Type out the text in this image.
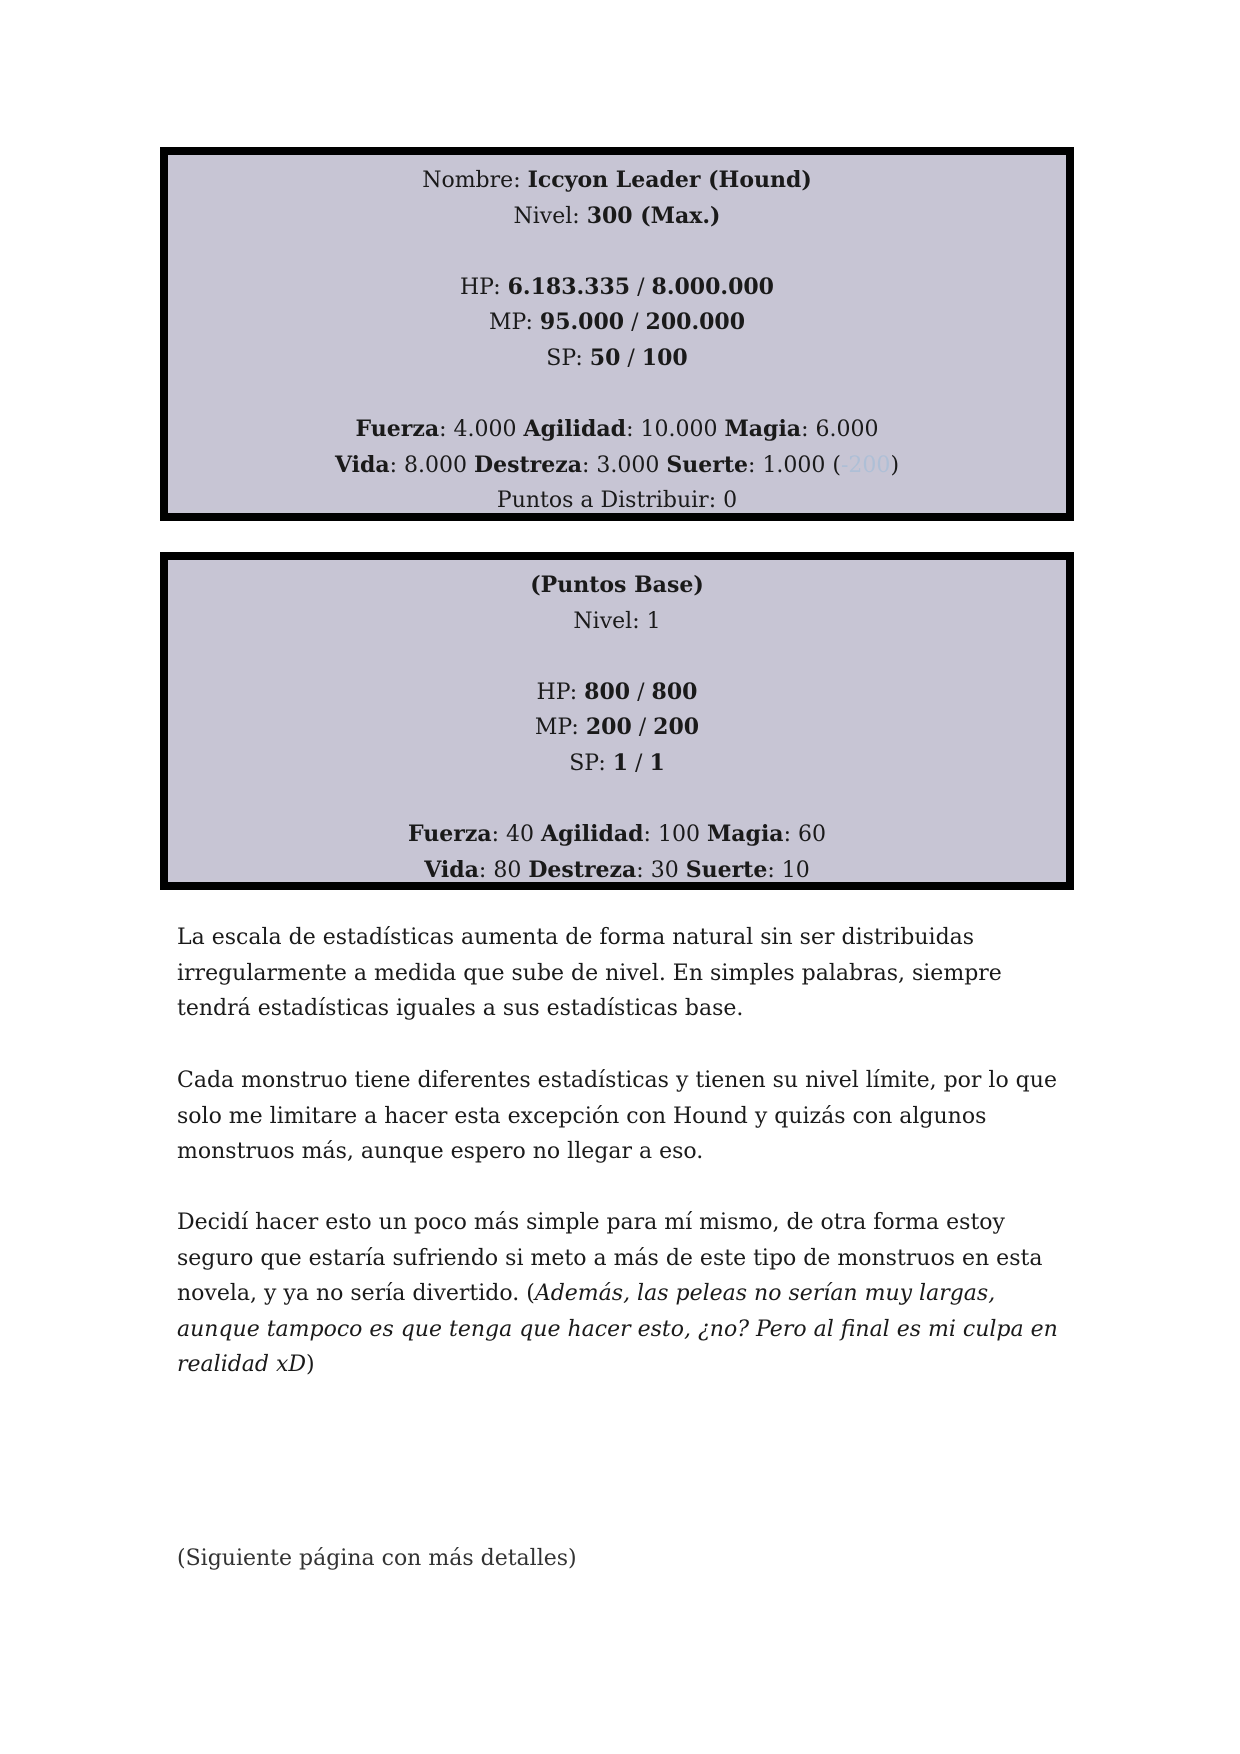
Nombre: Iccyon Leader (Hound)
Nivel: 300 (Max.)
HP: 6.183.335 / 8.000.000
MP: 95.000 / 200.000
SP: 50 / 100
Fuerza: 4.000 Agilidad: 10.000 Magia: 6.000
Vida: 8.000 Destreza: 3.000 Suerte: 1.000 (-200)
Puntos a Distribuir: 0
(Puntos Base)
Nivel: 1
HP: 800 / 800
MP: 200 / 200
SP: 1 / 1
Fuerza: 40 Agilidad: 100 Magia: 60
Vida: 80 Destreza: 30 Suerte: 10

La escala de estadísticas aumenta de forma natural sin ser distribuidas irregularmente a medida que sube de nivel. En simples palabras, siempre tendrá estadísticas iguales a sus estadísticas base.

Cada monstruo tiene diferentes estadísticas y tienen su nivel límite, por lo que solo me limitare a hacer esta excepción con Hound y quizás con algunos monstruos más, aunque espero no llegar a eso.

Decidí hacer esto un poco más simple para mí mismo, de otra forma estoy seguro que estaría sufriendo si meto a más de este tipo de monstruos en esta novela, y ya no sería divertido. (Además, las peleas no serían muy largas, aunque tampoco es que tenga que hacer esto, ¿no? Pero al final es mi culpa en realidad xD)

(Siguiente página con más detalles)
